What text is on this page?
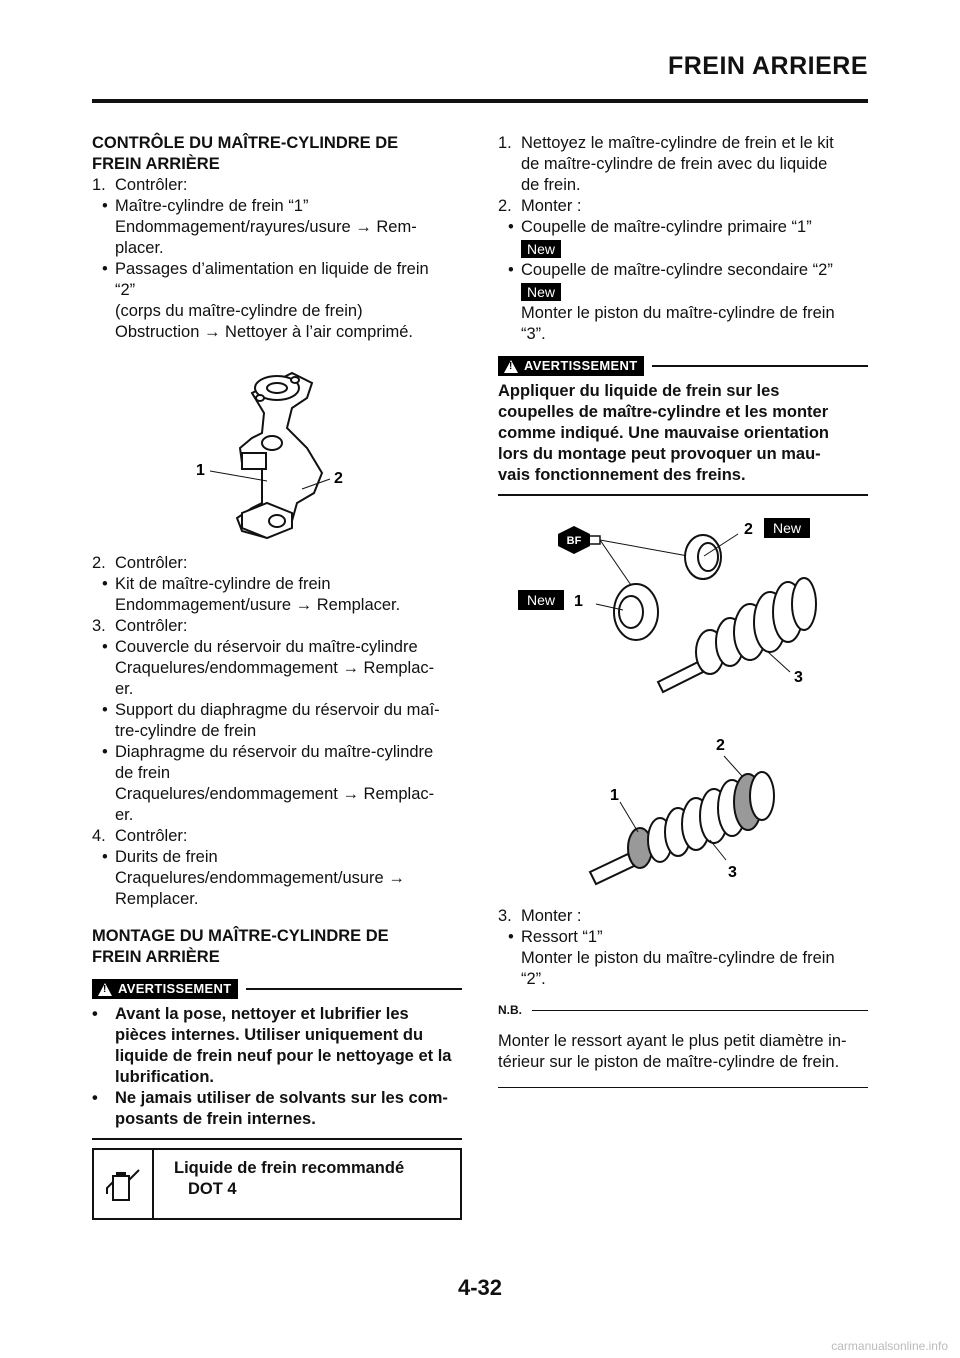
FREIN ARRIERE
CONTRÔLE DU MAÎTRE-CYLINDRE DE
FREIN ARRIÈRE
1. Contrôler:
• Maître-cylindre de frein “1”
Endommagement/rayures/usure → Rem-
placer.
• Passages d’alimentation en liquide de frein
“2”
(corps du maître-cylindre de frein)
Obstruction → Nettoyer à l’air comprimé.
1	2
2. Contrôler:
• Kit de maître-cylindre de frein
Endommagement/usure → Remplacer.
3. Contrôler:
• Couvercle du réservoir du maître-cylindre
Craquelures/endommagement → Remplac-
er.
• Support du diaphragme du réservoir du maî-
tre-cylindre de frein
• Diaphragme du réservoir du maître-cylindre
de frein
Craquelures/endommagement → Remplac-
er.
4. Contrôler:
• Durits de frein
Craquelures/endommagement/usure →
Remplacer.
MONTAGE DU MAÎTRE-CYLINDRE DE
FREIN ARRIÈRE
!
AVERTISSEMENT
• Avant la pose, nettoyer et lubrifier les
pièces internes. Utiliser uniquement du
liquide de frein neuf pour le nettoyage et la
lubrification.
• Ne jamais utiliser de solvants sur les com-
posants de frein internes.
Liquide de frein recommandé
DOT 4
1. Nettoyez le maître-cylindre de frein et le kit
de maître-cylindre de frein avec du liquide
de frein.
2. Monter :
• Coupelle de maître-cylindre primaire “1”
New
• Coupelle de maître-cylindre secondaire “2”
New
Monter le piston du maître-cylindre de frein
“3”.
!
AVERTISSEMENT
Appliquer du liquide de frein sur les
coupelles de maître-cylindre et les monter
comme indiqué. Une mauvaise orientation
lors du montage peut provoquer un mau-
vais fonctionnement des freins.
BF
2 New
New 1
3
2
1
3
3. Monter :
• Ressort “1”
Monter le piston du maître-cylindre de frein
“2”.
N.B.
Monter le ressort ayant le plus petit diamètre in-
térieur sur le piston de maître-cylindre de frein.
4-32
carmanualsonline.info
